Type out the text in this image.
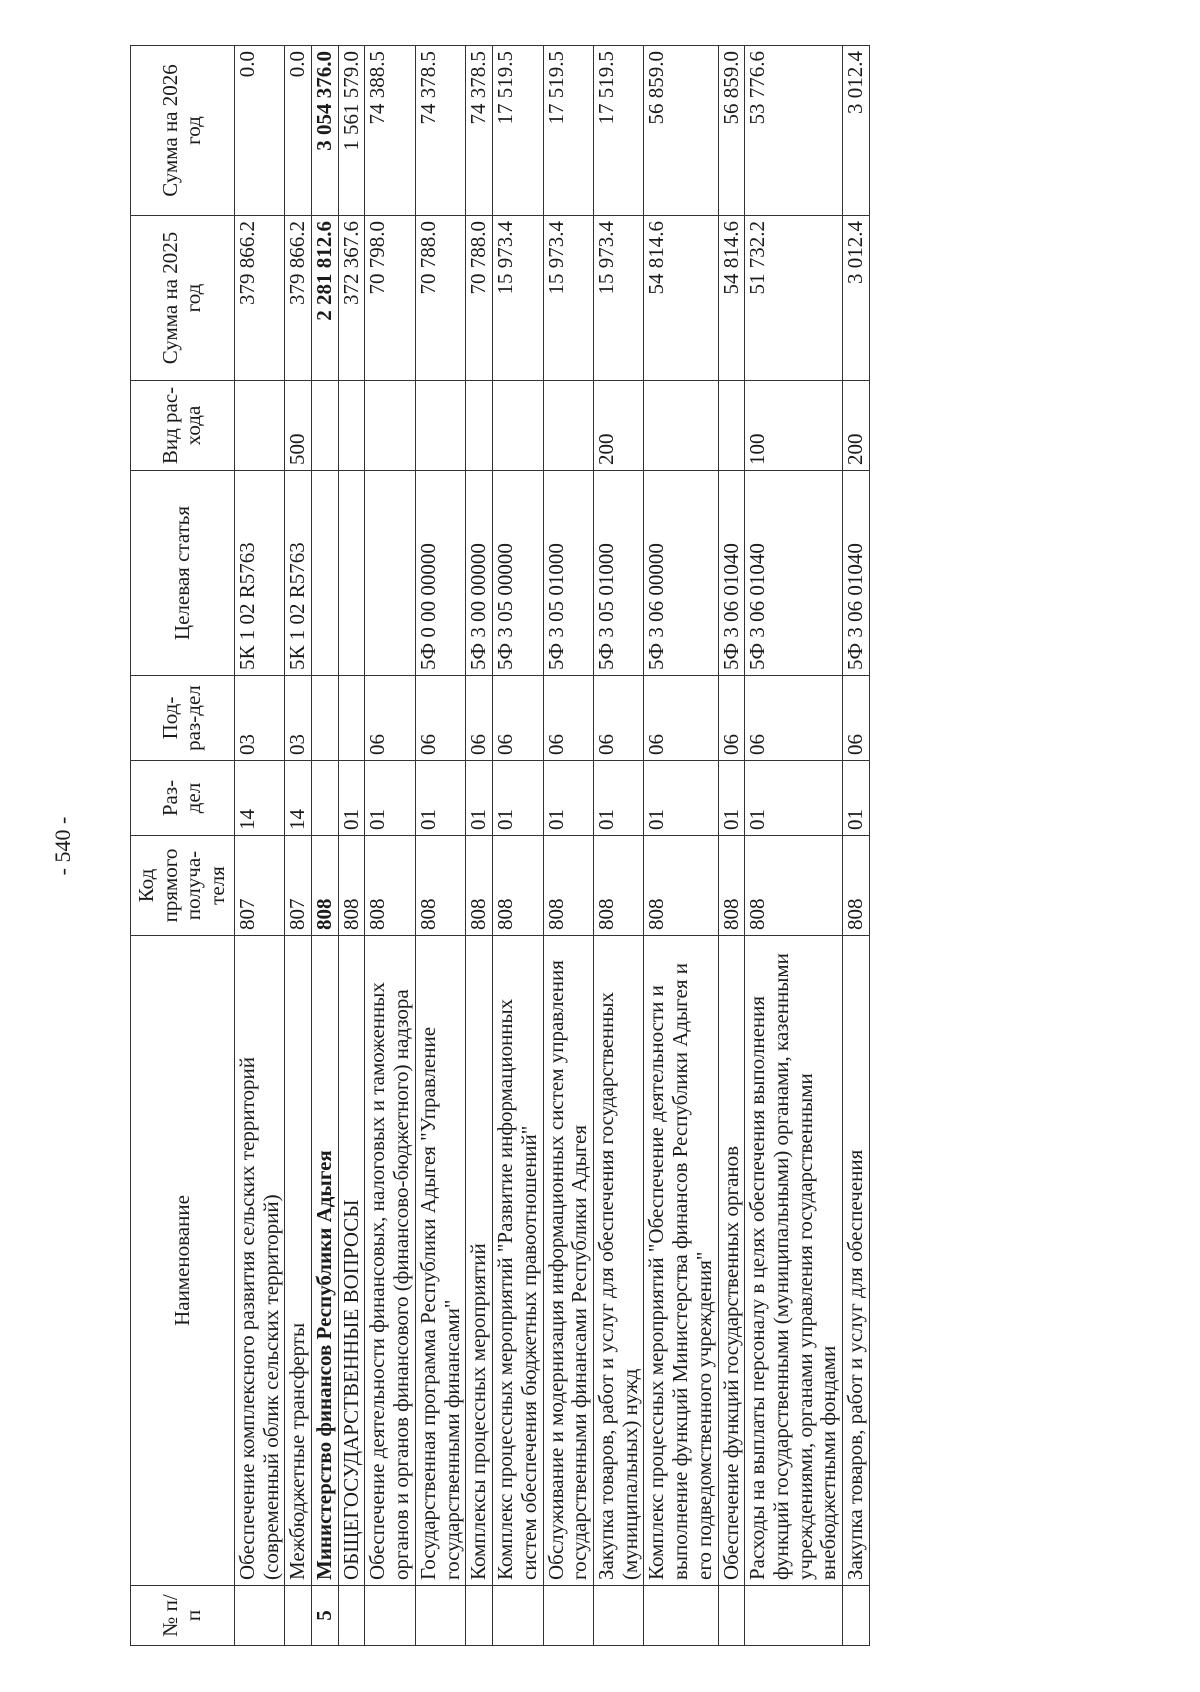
- 540 -
№ п/п	Наименование	Код прямого получа-теля	Раз-дел	Под-раз-дел	Целевая статья	Вид рас-хода	Сумма на 2025 год	Сумма на 2026 год
	Обеспечение комплексного развития сельских территорий (современный облик сельских территорий)	807	14	03	5К 1 02 R5763		379 866.2	0.0
	Межбюджетные трансферты	807	14	03	5К 1 02 R5763	500	379 866.2	0.0
5	Министерство финансов Республики Адыгея	808					2 281 812.6	3 054 376.0
	ОБЩЕГОСУДАРСТВЕННЫЕ ВОПРОСЫ	808	01				372 367.6	1 561 579.0
	Обеспечение деятельности финансовых, налоговых и таможенных органов и органов финансового (финансово-бюджетного) надзора	808	01	06			70 798.0	74 388.5
	Государственная программа Республики Адыгея "Управление государственными финансами"	808	01	06	5Ф 0 00 00000		70 788.0	74 378.5
	Комплексы процессных мероприятий	808	01	06	5Ф 3 00 00000		70 788.0	74 378.5
	Комплекс процессных мероприятий "Развитие информационных систем обеспечения бюджетных правоотношений"	808	01	06	5Ф 3 05 00000		15 973.4	17 519.5
	Обслуживание и модернизация информационных систем управления государственными финансами Республики Адыгея	808	01	06	5Ф 3 05 01000		15 973.4	17 519.5
	Закупка товаров, работ и услуг для обеспечения государственных (муниципальных) нужд	808	01	06	5Ф 3 05 01000	200	15 973.4	17 519.5
	Комплекс процессных мероприятий "Обеспечение деятельности и выполнение функций Министерства финансов Республики Адыгея и его подведомственного учреждения"	808	01	06	5Ф 3 06 00000		54 814.6	56 859.0
	Обеспечение функций государственных органов	808	01	06	5Ф 3 06 01040		54 814.6	56 859.0
	Расходы на выплаты персоналу в целях обеспечения выполнения функций государственными (муниципальными) органами, казенными учреждениями, органами управления государственными внебюджетными фондами	808	01	06	5Ф 3 06 01040	100	51 732.2	53 776.6
	Закупка товаров, работ и услуг для обеспечения	808	01	06	5Ф 3 06 01040	200	3 012.4	3 012.4
